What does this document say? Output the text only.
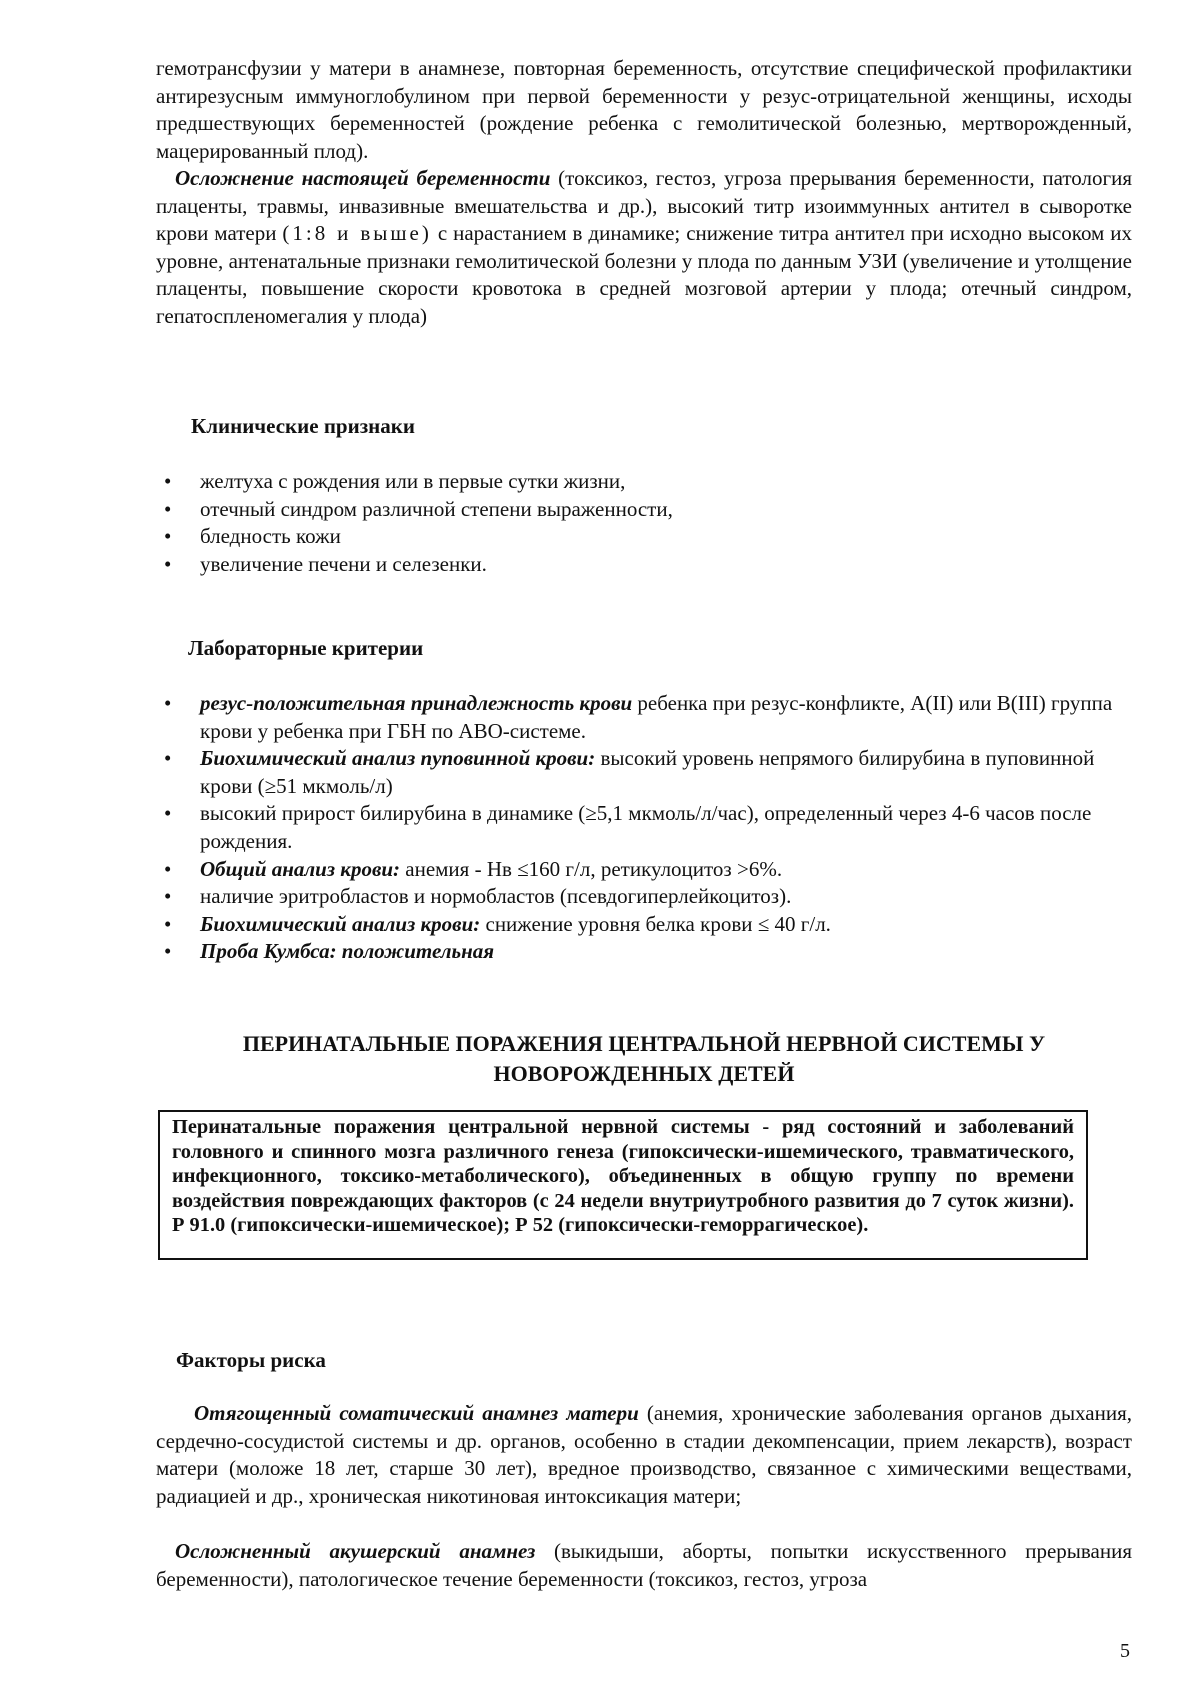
гемотрансфузии у матери в анамнезе, повторная беременность, отсутствие специфической профилактики антирезусным иммуноглобулином при первой беременности у резус-отрицательной женщины, исходы предшествующих беременностей (рождение ребенка с гемолитической болезнью, мертворожденный, мацерированный плод).

Осложнение настоящей беременности (токсикоз, гестоз, угроза прерывания беременности, патология плаценты, травмы, инвазивные вмешательства и др.), высокий титр изоиммунных антител в сыворотке крови матери (1:8 и выше) с нарастанием в динамике; снижение титра антител при исходно высоком их уровне, антенатальные признаки гемолитической болезни у плода по данным УЗИ (увеличение и утолщение плаценты, повышение скорости кровотока в средней мозговой артерии у плода; отечный синдром, гепатоспленомегалия у плода)

Клинические признаки
• желтуха с рождения или в первые сутки жизни,
• отечный синдром различной степени выраженности,
• бледность кожи
• увеличение печени и селезенки.
Лабораторные критерии
• резус-положительная принадлежность крови ребенка при резус-конфликте, A(II) или B(III) группа крови у ребенка при ГБН по АВО-системе.
• Биохимический анализ пуповинной крови: высокий уровень непрямого билирубина в пуповинной крови (≥51 мкмоль/л)
• высокий прирост билирубина в динамике (≥5,1 мкмоль/л/час), определенный через 4-6 часов после рождения.
• Общий анализ крови: анемия - Нв ≤160 г/л, ретикулоцитоз >6%.
• наличие эритробластов и нормобластов (псевдогиперлейкоцитоз).
• Биохимический анализ крови: снижение уровня белка крови ≤ 40 г/л.
• Проба Кумбса: положительная
ПЕРИНАТАЛЬНЫЕ ПОРАЖЕНИЯ ЦЕНТРАЛЬНОЙ НЕРВНОЙ СИСТЕМЫ У
НОВОРОЖДЕННЫХ ДЕТЕЙ
Перинатальные поражения центральной нервной системы - ряд состояний и заболеваний головного и спинного мозга различного генеза (гипоксически-ишемического, травматического, инфекционного, токсико-метаболического), объединенных в общую группу по времени воздействия повреждающих факторов (с 24 недели внутриутробного развития до 7 суток жизни). Р 91.0 (гипоксически-ишемическое); Р 52 (гипоксически-геморрагическое).
Факторы риска

Отягощенный соматический анамнез матери (анемия, хронические заболевания органов дыхания, сердечно-сосудистой системы и др. органов, особенно в стадии декомпенсации, прием лекарств), возраст матери (моложе 18 лет, старше 30 лет), вредное производство, связанное с химическими веществами, радиацией и др., хроническая никотиновая интоксикация матери;

Осложненный акушерский анамнез (выкидыши, аборты, попытки искусственного прерывания беременности), патологическое течение беременности (токсикоз, гестоз, угроза

5
